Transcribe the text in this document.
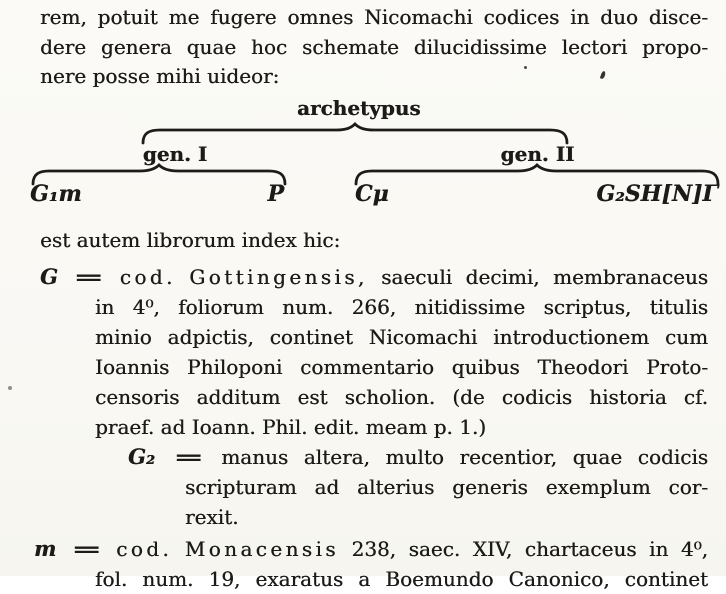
rem, potuit me fugere omnes Nicomachi codices in duo disce-
dere genera quae hoc schemate dilucidissime lectori propo-
nere posse mihi uideor:
archetypus
gen. I	gen. II
G₁m	P	Cμ	G₂SH[N]Γ
est autem librorum index hic:
G = cod. Gottingensis, saeculi decimi, membranaceus
in 4⁰, foliorum num. 266, nitidissime scriptus, titulis
minio adpictis, continet Nicomachi introductionem cum
Ioannis Philoponi commentario quibus Theodori Proto-
censoris additum est scholion. (de codicis historia cf.
praef. ad Ioann. Phil. edit. meam p. 1.)
G₂ = manus altera, multo recentior, quae codicis
scripturam ad alterius generis exemplum cor-
rexit.
m = cod. Monacensis 238, saec. XIV, chartaceus in 4⁰,
fol. num. 19, exaratus a Boemundo Canonico, continet
